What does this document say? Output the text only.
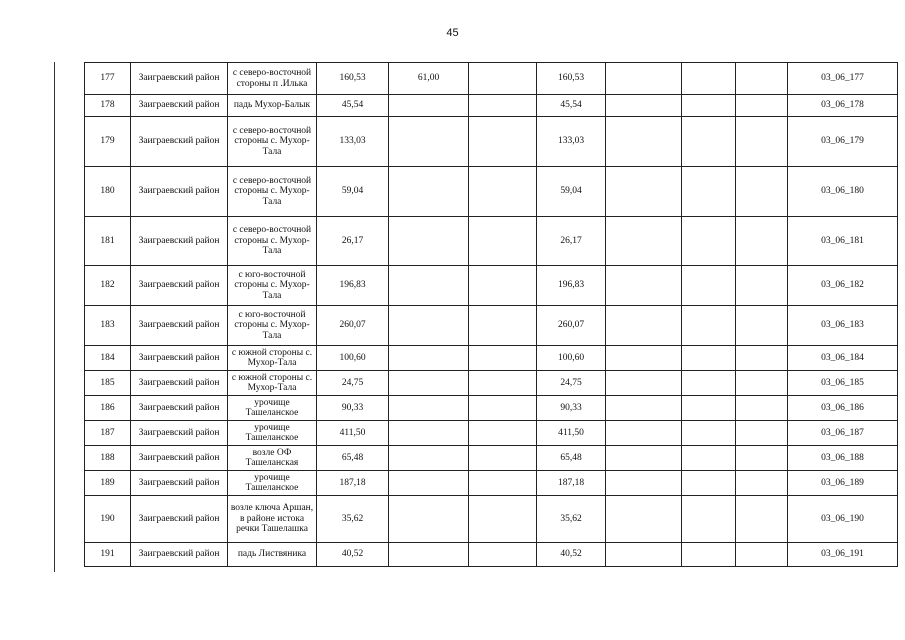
45
177	Заиграевский район	с северо-восточной стороны п .Илька	160,53	61,00		160,53				03_06_177
178	Заиграевский район	падь Мухор-Балык	45,54			45,54				03_06_178
179	Заиграевский район	с северо-восточной стороны с. Мухор-Тала	133,03			133,03				03_06_179
180	Заиграевский район	с северо-восточной стороны с. Мухор-Тала	59,04			59,04				03_06_180
181	Заиграевский район	с северо-восточной стороны с. Мухор-Тала	26,17			26,17				03_06_181
182	Заиграевский район	с юго-восточной стороны с. Мухор-Тала	196,83			196,83				03_06_182
183	Заиграевский район	с юго-восточной стороны с. Мухор-Тала	260,07			260,07				03_06_183
184	Заиграевский район	с южной стороны с. Мухор-Тала	100,60			100,60				03_06_184
185	Заиграевский район	с южной стороны с. Мухор-Тала	24,75			24,75				03_06_185
186	Заиграевский район	урочище Ташеланское	90,33			90,33				03_06_186
187	Заиграевский район	урочище Ташеланское	411,50			411,50				03_06_187
188	Заиграевский район	возле ОФ Ташеланская	65,48			65,48				03_06_188
189	Заиграевский район	урочище Ташеланское	187,18			187,18				03_06_189
190	Заиграевский район	возле ключа Аршан, в районе истока речки Ташелашка	35,62			35,62				03_06_190
191	Заиграевский район	падь Листвяника	40,52			40,52				03_06_191
